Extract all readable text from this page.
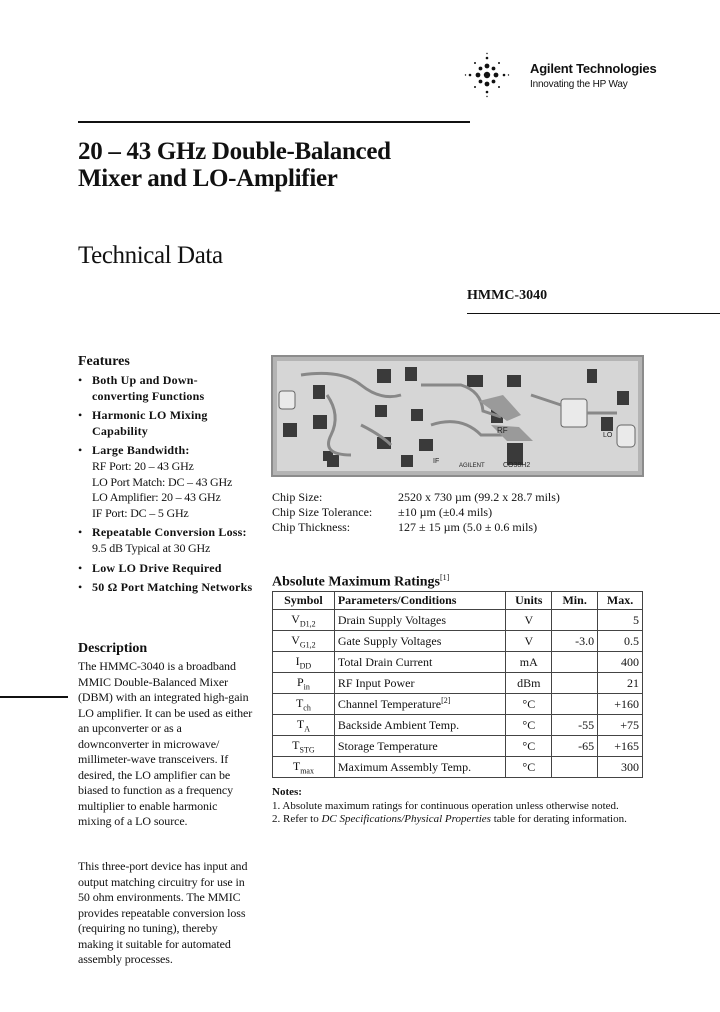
Agilent Technologies
Innovating the HP Way
20 – 43 GHz Double-Balanced
Mixer and LO-Amplifier
Technical Data
HMMC-3040
Features
• Both Up and Down-converting Functions
• Harmonic LO Mixing Capability
• Large Bandwidth:
RF Port: 20 – 43 GHz
LO Port Match: DC – 43 GHz
LO Amplifier: 20 – 43 GHz
IF Port: DC – 5 GHz
• Repeatable Conversion Loss:
9.5 dB Typical at 30 GHz
• Low LO Drive Required
• 50 Ω Port Matching Networks
Description
The HMMC-3040 is a broadband MMIC Double-Balanced Mixer (DBM) with an integrated high-gain LO amplifier. It can be used as either an upconverter or as a downconverter in microwave/ millimeter-wave transceivers. If desired, the LO amplifier can be biased to function as a frequency multiplier to enable harmonic mixing of a LO source.
This three-port device has input and output matching circuitry for use in 50 ohm environments. The MMIC provides repeatable conversion loss (requiring no tuning), thereby making it suitable for automated assembly processes.
RF
IF
LO
CO38H2
AGILENT
Chip Size:	2520 x 730 µm (99.2 x 28.7 mils)
Chip Size Tolerance: ±10 µm (±0.4 mils)
Chip Thickness:	127 ± 15 µm (5.0 ± 0.6 mils)
Absolute Maximum Ratings[1]
Symbol	Parameters/Conditions	Units	Min.	Max.
$V_{D1,2}$	Drain Supply Voltages	V		5
$V_{G1,2}$	Gate Supply Voltages	V	-3.0	0.5
$I_{DD}$	Total Drain Current	mA		400
$P_{in}$	RF Input Power	dBm		21
$T_{ch}$	Channel Temperature[2]	°C		+160
$T_A$	Backside Ambient Temp.	°C	-55	+75
$T_{STG}$	Storage Temperature	°C	-65	+165
$T_{max}$	Maximum Assembly Temp.	°C		300
Notes:
1. Absolute maximum ratings for continuous operation unless otherwise noted.
2. Refer to DC Specifications/Physical Properties table for derating information.
